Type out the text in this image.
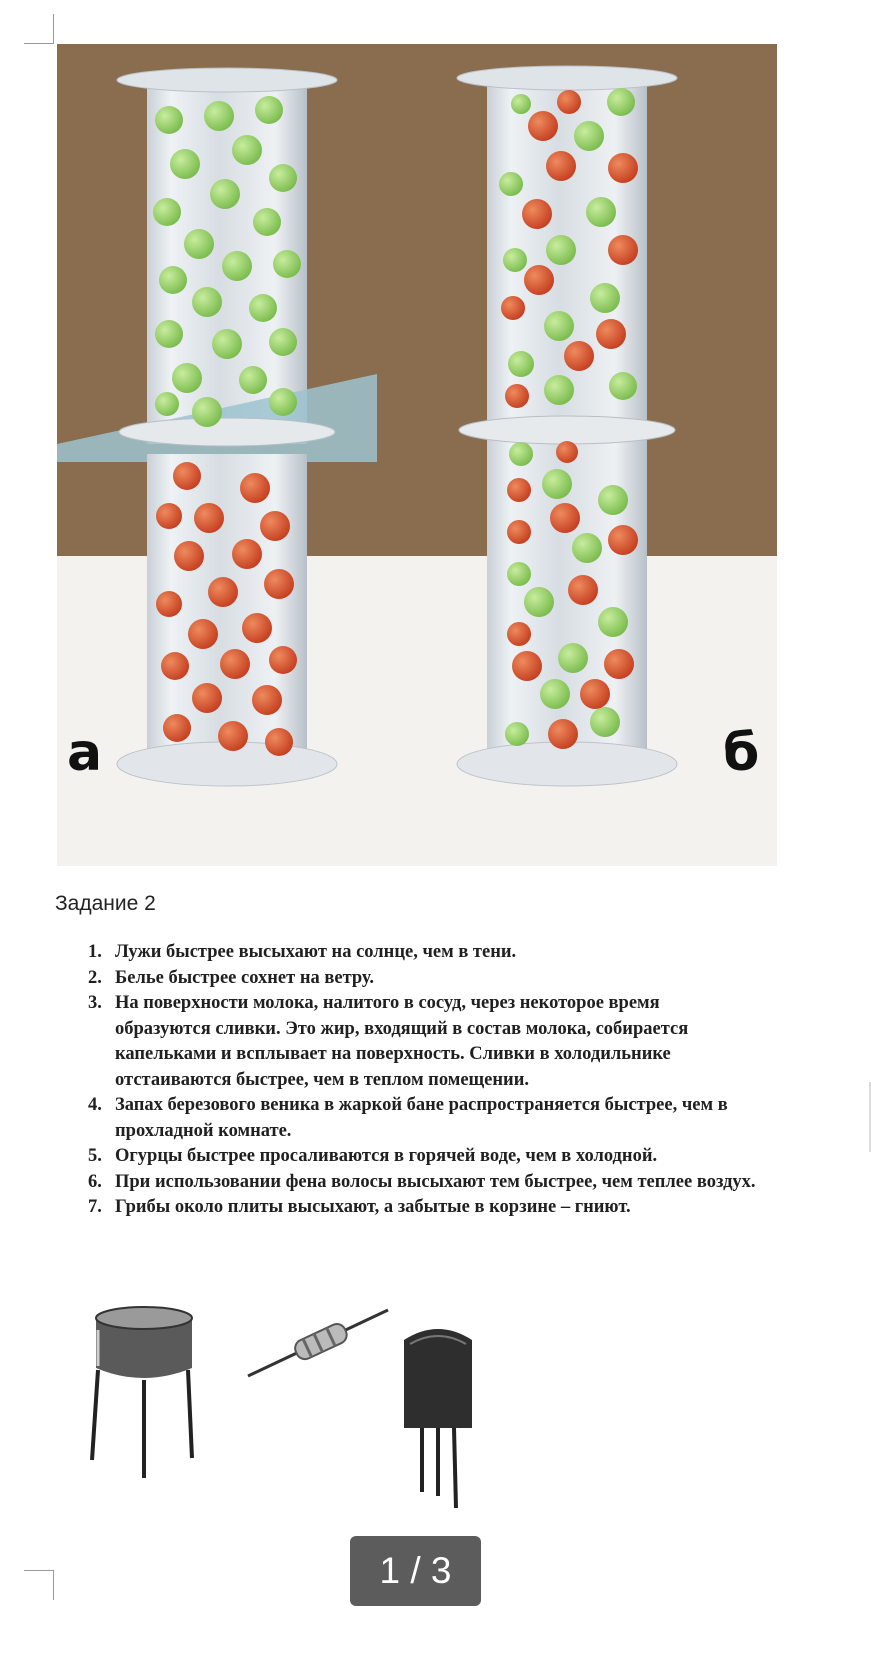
а	б
Задание 2
1. Лужи быстрее высыхают на солнце, чем в тени.
2. Белье быстрее сохнет на ветру.
3. На поверхности молока, налитого в сосуд, через некоторое время образуются сливки. Это жир, входящий в состав молока, собирается капельками и всплывает на поверхность. Сливки в холодильнике отстаиваются быстрее, чем в теплом помещении.
4. Запах березового веника в жаркой бане распространяется быстрее, чем в прохладной комнате.
5. Огурцы быстрее просаливаются в горячей воде, чем в холодной.
6. При использовании фена волосы высыхают тем быстрее, чем теплее воздух.
7. Грибы около плиты высыхают, а забытые в корзине – гниют.
1 / 3
